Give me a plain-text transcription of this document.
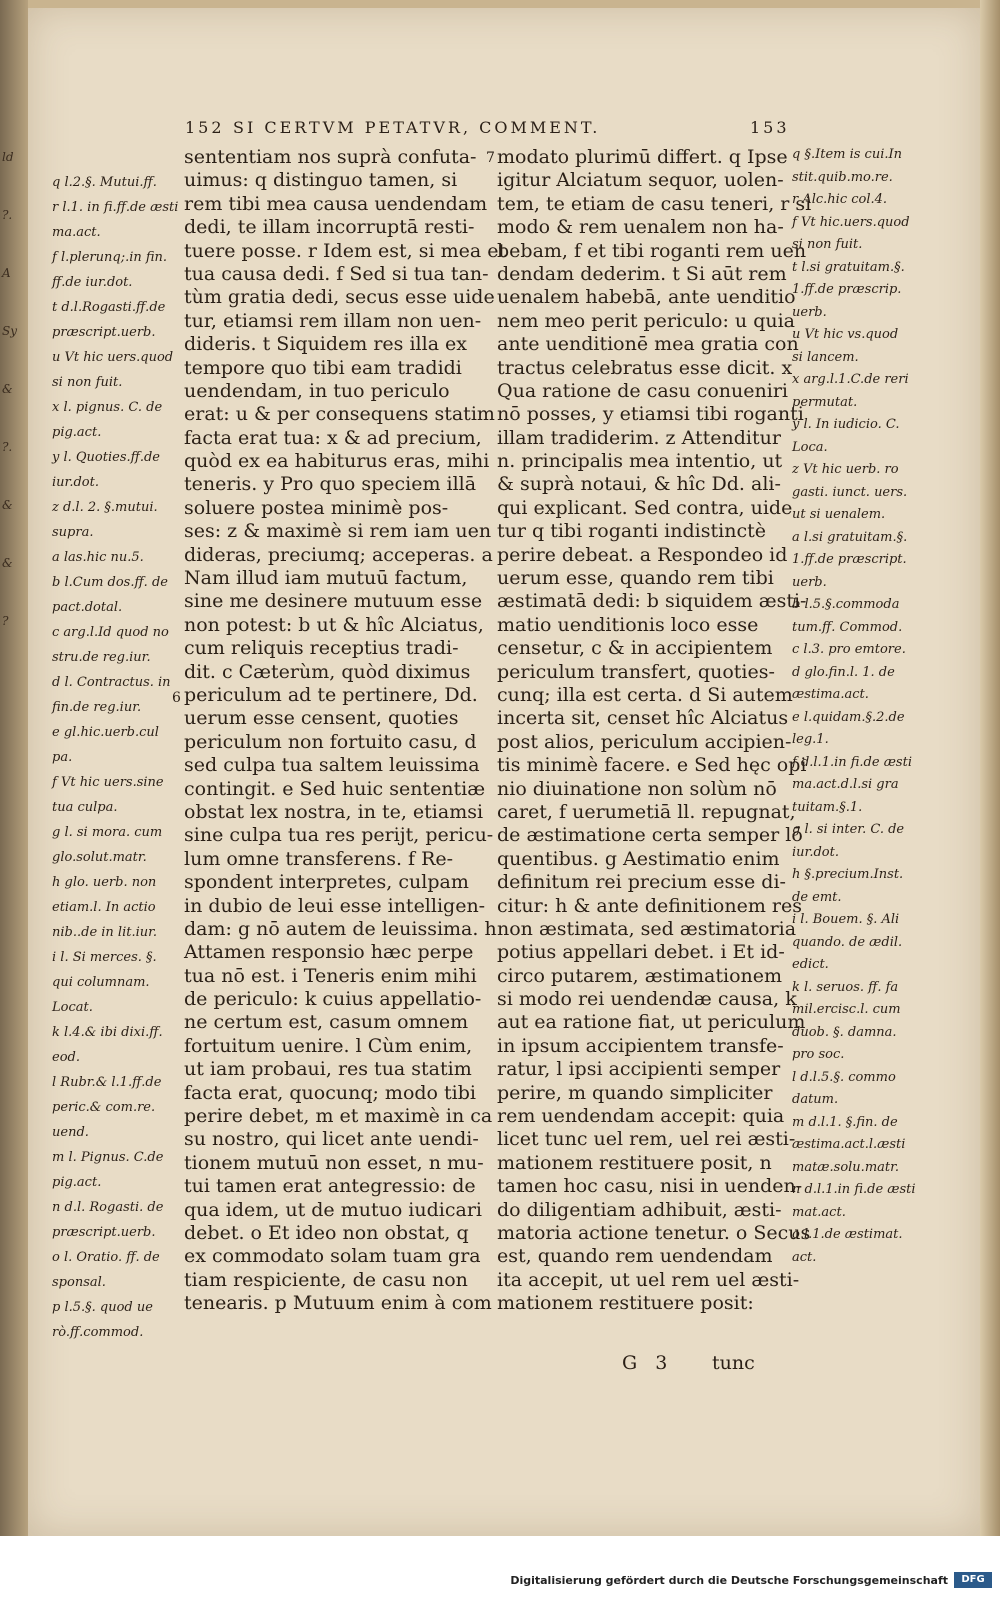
ld
?.
A
Sy
&
?.
&
&
?
152 SI CERTVM PETATVR, COMMENT.	153
q l.2.§. Mutui.ff.
r l.1. in fi.ff.de æsti
ma.act.
f l.plerunq;.in fin.
ff.de iur.dot.
t d.l.Rogasti.ff.de
præscript.uerb.
u Vt hic uers.quod
si non fuit.
x l. pignus. C. de
pig.act.
y l. Quoties.ff.de
iur.dot.
z d.l. 2. §.mutui.
supra.
a las.hic nu.5.
b l.Cum dos.ff. de
pact.dotal.
c arg.l.Id quod no
stru.de reg.iur.
d l. Contractus. in
fin.de reg.iur.
e gl.hic.uerb.cul
pa.
f Vt hic uers.sine
tua culpa.
g l. si mora. cum
glo.solut.matr.
h glo. uerb. non
etiam.l. In actio
nib..de in lit.iur.
i l. Si merces. §.
qui columnam.
Locat.
k l.4.& ibi dixi.ff.
eod.
l Rubr.& l.1.ff.de
peric.& com.re.
uend.
m l. Pignus. C.de
pig.act.
n d.l. Rogasti. de
præscript.uerb.
o l. Oratio. ff. de
sponsal.
p l.5.§. quod ue
rò.ff.commod.
sententiam nos suprà confuta-
uimus: q distinguo tamen, si
rem tibi mea causa uendendam
dedi, te illam incorruptā resti-
tuere posse. r Idem est, si mea et
tua causa dedi. f Sed si tua tan-
tùm gratia dedi, secus esse uide
tur, etiamsi rem illam non uen-
dideris. t Siquidem res illa ex
tempore quo tibi eam tradidi
uendendam, in tuo periculo
erat: u & per consequens statim
facta erat tua: x & ad precium,
quòd ex ea habiturus eras, mihi
teneris. y Pro quo speciem illā
soluere postea minimè pos-
ses: z & maximè si rem iam uen
dideras, preciumq; acceperas. a
Nam illud iam mutuū factum,
sine me desinere mutuum esse
non potest: b ut & hîc Alciatus,
cum reliquis receptius tradi-
dit. c Cæterùm, quòd diximus
periculum ad te pertinere, Dd.
uerum esse censent, quoties
periculum non fortuito casu, d
sed culpa tua saltem leuissima
contingit. e Sed huic sententiæ
obstat lex nostra, in te, etiamsi
sine culpa tua res perijt, pericu-
lum omne transferens. f Re-
spondent interpretes, culpam
in dubio de leui esse intelligen-
dam: g nō autem de leuissima. h
Attamen responsio hæc perpe
tua nō est. i Teneris enim mihi
de periculo: k cuius appellatio-
ne certum est, casum omnem
fortuitum uenire. l Cùm enim,
ut iam probaui, res tua statim
facta erat, quocunq; modo tibi
perire debet, m et maximè in ca
su nostro, qui licet ante uendi-
tionem mutuū non esset, n mu-
tui tamen erat antegressio: de
qua idem, ut de mutuo iudicari
debet. o Et ideo non obstat, q
ex commodato solam tuam gra
tiam respiciente, de casu non
tenearis. p Mutuum enim à com
modato plurimū differt. q Ipse
igitur Alciatum sequor, uolen-
tem, te etiam de casu teneri, r si
modo & rem uenalem non ha-
bebam, f et tibi roganti rem uen
dendam dederim. t Si aūt rem
uenalem habebā, ante uenditio
nem meo perit periculo: u quia
ante uenditionē mea gratia con
tractus celebratus esse dicit. x
Qua ratione de casu conueniri
nō posses, y etiamsi tibi roganti
illam tradiderim. z Attenditur
n. principalis mea intentio, ut
& suprà notaui, & hîc Dd. ali-
qui explicant. Sed contra, uide
tur q tibi roganti indistinctè
perire debeat. a Respondeo id
uerum esse, quando rem tibi
æstimatā dedi: b siquidem æsti-
matio uenditionis loco esse
censetur, c & in accipientem
periculum transfert, quoties-
cunq; illa est certa. d Si autem
incerta sit, censet hîc Alciatus
post alios, periculum accipien-
tis minimè facere. e Sed hęc opi
nio diuinatione non solùm nō
caret, f uerumetiā ll. repugnat,
de æstimatione certa semper lō
quentibus. g Aestimatio enim
definitum rei precium esse di-
citur: h & ante definitionem res
non æstimata, sed æstimatoria
potius appellari debet. i Et id-
circo putarem, æstimationem
si modo rei uendendæ causa, k
aut ea ratione fiat, ut periculum
in ipsum accipientem transfe-
ratur, l ipsi accipienti semper
perire, m quando simpliciter
rem uendendam accepit: quia
licet tunc uel rem, uel rei æsti-
mationem restituere posit, n
tamen hoc casu, nisi in uenden-
do diligentiam adhibuit, æsti-
matoria actione tenetur. o Secus
est, quando rem uendendam
ita accepit, ut uel rem uel æsti-
mationem restituere posit:
q §.Item is cui.In
stit.quib.mo.re.
r Alc.hic col.4.
f Vt hic.uers.quod
si non fuit.
t l.si gratuitam.§.
1.ff.de præscrip.
uerb.
u Vt hic vs.quod
si lancem.
x arg.l.1.C.de reri
permutat.
y l. In iudicio. C.
Loca.
z Vt hic uerb. ro
gasti. iunct. uers.
ut si uenalem.
a l.si gratuitam.§.
1.ff.de præscript.
uerb.
b l.5.§.commoda
tum.ff. Commod.
c l.3. pro emtore.
d glo.fin.l. 1. de
æstima.act.
e l.quidam.§.2.de
leg.1.
f d.l.1.in fi.de æsti
ma.act.d.l.si gra
tuitam.§.1.
g l. si inter. C. de
iur.dot.
h §.precium.Inst.
de emt.
i l. Bouem. §. Ali
quando. de ædil.
edict.
k l. seruos. ff. fa
mil.ercisc.l. cum
duob. §. damna.
pro soc.
l d.l.5.§. commo
datum.
m d.l.1. §.fin. de
æstima.act.l.æsti
matæ.solu.matr.
n d.l.1.in fi.de æsti
mat.act.
o l.1.de æstimat.
act.
6
7
G 3 tunc
Digitalisierung gefördert durch die Deutsche Forschungsgemeinschaft	DFG
